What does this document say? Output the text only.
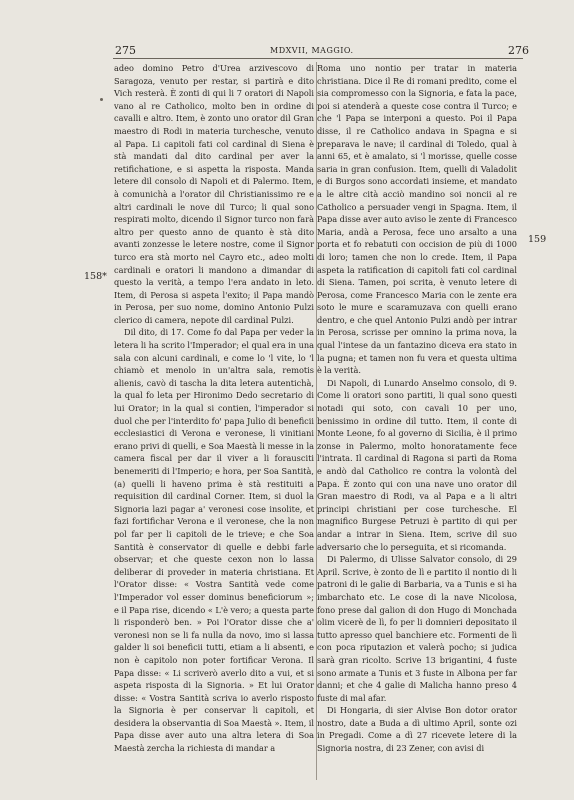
275	MDXVII, MAGGIO.	276
158*
159

adeo domino Petro d'Urea arzivescovo di Saragoza, venuto per restar, si partirà e dito Vich resterà. È zonti di qui li 7 oratori di Napoli vano al re Catholico, molto ben in ordine di cavalli e altro. Item, è zonto uno orator dil Gran maestro di Rodi in materia turchesche, venuto al Papa. Li capitoli fati col cardinal di Siena è stà mandati dal dito cardinal per aver la retifichatione, e si aspetta la risposta. Manda letere dil consolo di Napoli et di Palermo. Item, à comunichà a l'orator dil Christianissimo re e altri cardinali le nove dil Turco; li qual sono respirati molto, dicendo il Signor turco non farà altro per questo anno de quanto è stà dito avanti zonzesse le letere nostre, come il Signor turco era stà morto nel Cayro etc., adeo molti cardinali e oratori li mandono a dimandar di questo la verità, a tempo l'era andato in leto. Item, di Perosa si aspeta l'exito; il Papa mandò in Perosa, per suo nome, domino Antonio Pulzi clerico di camera, nepote dil cardinal Pulzi.

Dil dito, di 17. Come fo dal Papa per veder la letera li ha scrito l'Imperador; el qual era in una sala con alcuni cardinali, e come lo 'l vite, lo 'l chiamò et menolo in un'altra sala, remotis alienis, cavò di tascha la dita letera autentichà, la qual fo leta per Hironimo Dedo secretario di lui Orator; in la qual si contien, l'imperador si duol che per l'interdito fo' papa Julio di beneficii ecclesiastici di Verona e veronese, li vinitiani erano privi di quelli, e Soa Maestà li messe in la camera fiscal per dar il viver a li forausciti benemeriti di l'Imperio; e hora, per Soa Santità, (a) quelli li haveno prima è stà restituiti a requisition dil cardinal Corner. Item, si duol la Signoria lazi pagar a' veronesi cose insolite, et fazi fortifichar Verona e il veronese, che la non pol far per li capitoli de le trieve; e che Soa Santità è conservator di quelle e debbi farle observar; et che queste cexon non lo lassa deliberar di proveder in materia christiana. Et l'Orator disse: « Vostra Santità vede come l'Imperador vol esser dominus beneficiorum »; e il Papa rise, dicendo « L'è vero; a questa parte li risponderò ben. » Poi l'Orator disse che a' veronesi non se li fa nulla da novo, imo si lassa galder li soi beneficii tutti, etiam a li absenti, e non è capitolo non poter fortificar Verona. Il Papa disse: « Li scriverò averlo dito a vui, et si aspeta risposta di la Signoria. » Et lui Orator disse: « Vostra Santità scriva io averlo risposto la Signoria è per conservar li capitoli, et desidera la observantia di Soa Maestà ». Item, il Papa disse aver auto una altra letera di Soa Maestà zercha la richiesta di mandar a

Roma uno nontio per tratar in materia christiana. Dice il Re di romani predito, come el sia compromesso con la Signoria, e fata la pace, poi si atenderà a queste cose contra il Turco; e che 'l Papa se interponi a questo. Poi il Papa disse, il re Catholico andava in Spagna e si preparava le nave; il cardinal di Toledo, qual à anni 65, et è amalato, si 'l morisse, quelle cosse saria in gran confusion. Item, quelli di Valadolit e di Burgos sono accordati insieme, et mandato a le altre cità acciò mandino soi noncii al re Catholico a persuader vengi in Spagna. Item, il Papa disse aver auto aviso le zente di Francesco Maria, andà a Perosa, fece uno arsalto a una porta et fo rebatuti con occision de più di 1000 di loro; tamen che non lo crede. Item, il Papa aspeta la ratification di capitoli fati col cardinal di Siena. Tamen, poi scrita, è venuto letere di Perosa, come Francesco Maria con le zente era soto le mure e scaramuzava con quelli erano dentro, e che quel Antonio Pulzi andò per intrar in Perosa, scrisse per omnino la prima nova, la qual l'intese da un fantazino diceva era stato in la pugna; et tamen non fu vera et questa ultima è la verità.

Di Napoli, di Lunardo Anselmo consolo, di 9. Come li oratori sono partiti, li qual sono questi notadi qui soto, con cavali 10 per uno, benissimo in ordine dil tutto. Item, il conte di Monte Leone, fo al governo di Sicilia, è il primo zonse in Palermo, molto honoratamente fece l'intrata. Il cardinal di Ragona si partì da Roma e andò dal Catholico re contra la volontà del Papa. È zonto qui con una nave uno orator dil Gran maestro di Rodi, va al Papa e a li altri principi christiani per cose turchesche. El magnifico Burgese Petruzi è partito di qui per andar a intrar in Siena. Item, scrive dil suo adversario che lo perseguita, et si ricomanda.

Di Palermo, di Ulisse Salvator consolo, di 29 April. Scrive, è zonto de lì e partito il nontio di li patroni di le galie di Barbaria, va a Tunis e si ha imbarchato etc. Le cose di la nave Nicolosa, fono prese dal galion di don Hugo di Monchada olim vicerè de lì, fo per li domnieri depositato il tutto apresso quel banchiere etc. Formenti de lì con poca riputazion et valerà pocho; si judica sarà gran ricolto. Scrive 13 brigantini, 4 fuste sono armate a Tunis et 3 fuste in Albona per far danni; et che 4 galie di Malicha hanno preso 4 fuste di mal afar.

Di Hongaria, di sier Alvise Bon dotor orator nostro, date a Buda a dì ultimo April, sonte ozi in Pregadi. Come a dì 27 ricevete letere di la Signoria nostra, di 23 Zener, con avisi di
